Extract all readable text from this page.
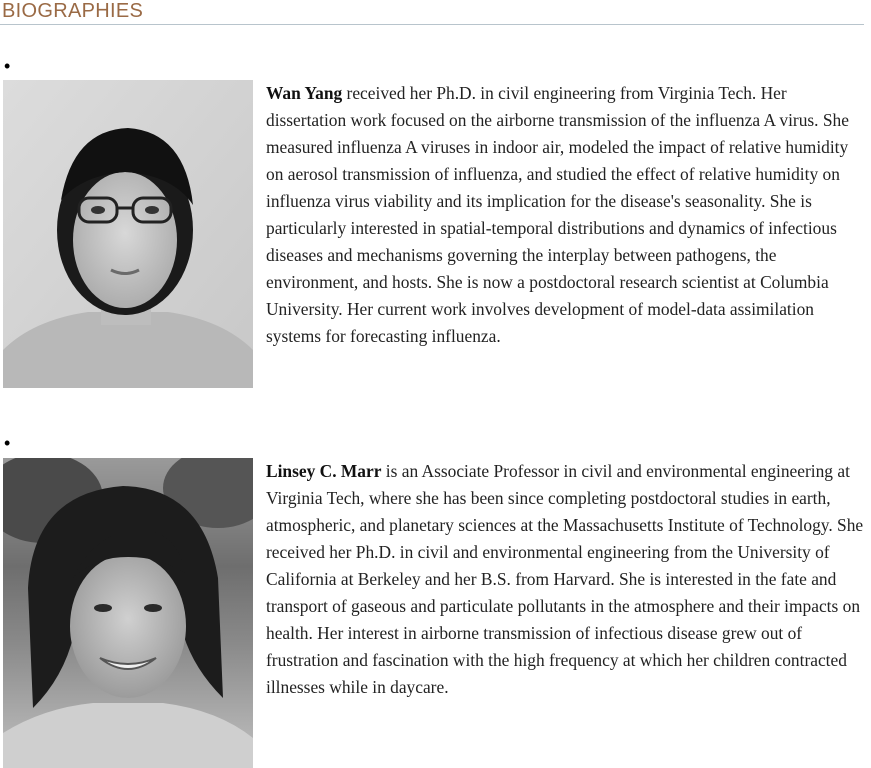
BIOGRAPHIES
•
Wan Yang received her Ph.D. in civil engineering from Virginia Tech. Her dissertation work focused on the airborne transmission of the influenza A virus. She measured influenza A viruses in indoor air, modeled the impact of relative humidity on aerosol transmission of influenza, and studied the effect of relative humidity on influenza virus viability and its implication for the disease's seasonality. She is particularly interested in spatial-temporal distributions and dynamics of infectious diseases and mechanisms governing the interplay between pathogens, the environment, and hosts. She is now a postdoctoral research scientist at Columbia University. Her current work involves development of model-data assimilation systems for forecasting influenza.
•
Linsey C. Marr is an Associate Professor in civil and environmental engineering at Virginia Tech, where she has been since completing postdoctoral studies in earth, atmospheric, and planetary sciences at the Massachusetts Institute of Technology. She received her Ph.D. in civil and environmental engineering from the University of California at Berkeley and her B.S. from Harvard. She is interested in the fate and transport of gaseous and particulate pollutants in the atmosphere and their impacts on health. Her interest in airborne transmission of infectious disease grew out of frustration and fascination with the high frequency at which her children contracted illnesses while in daycare.
